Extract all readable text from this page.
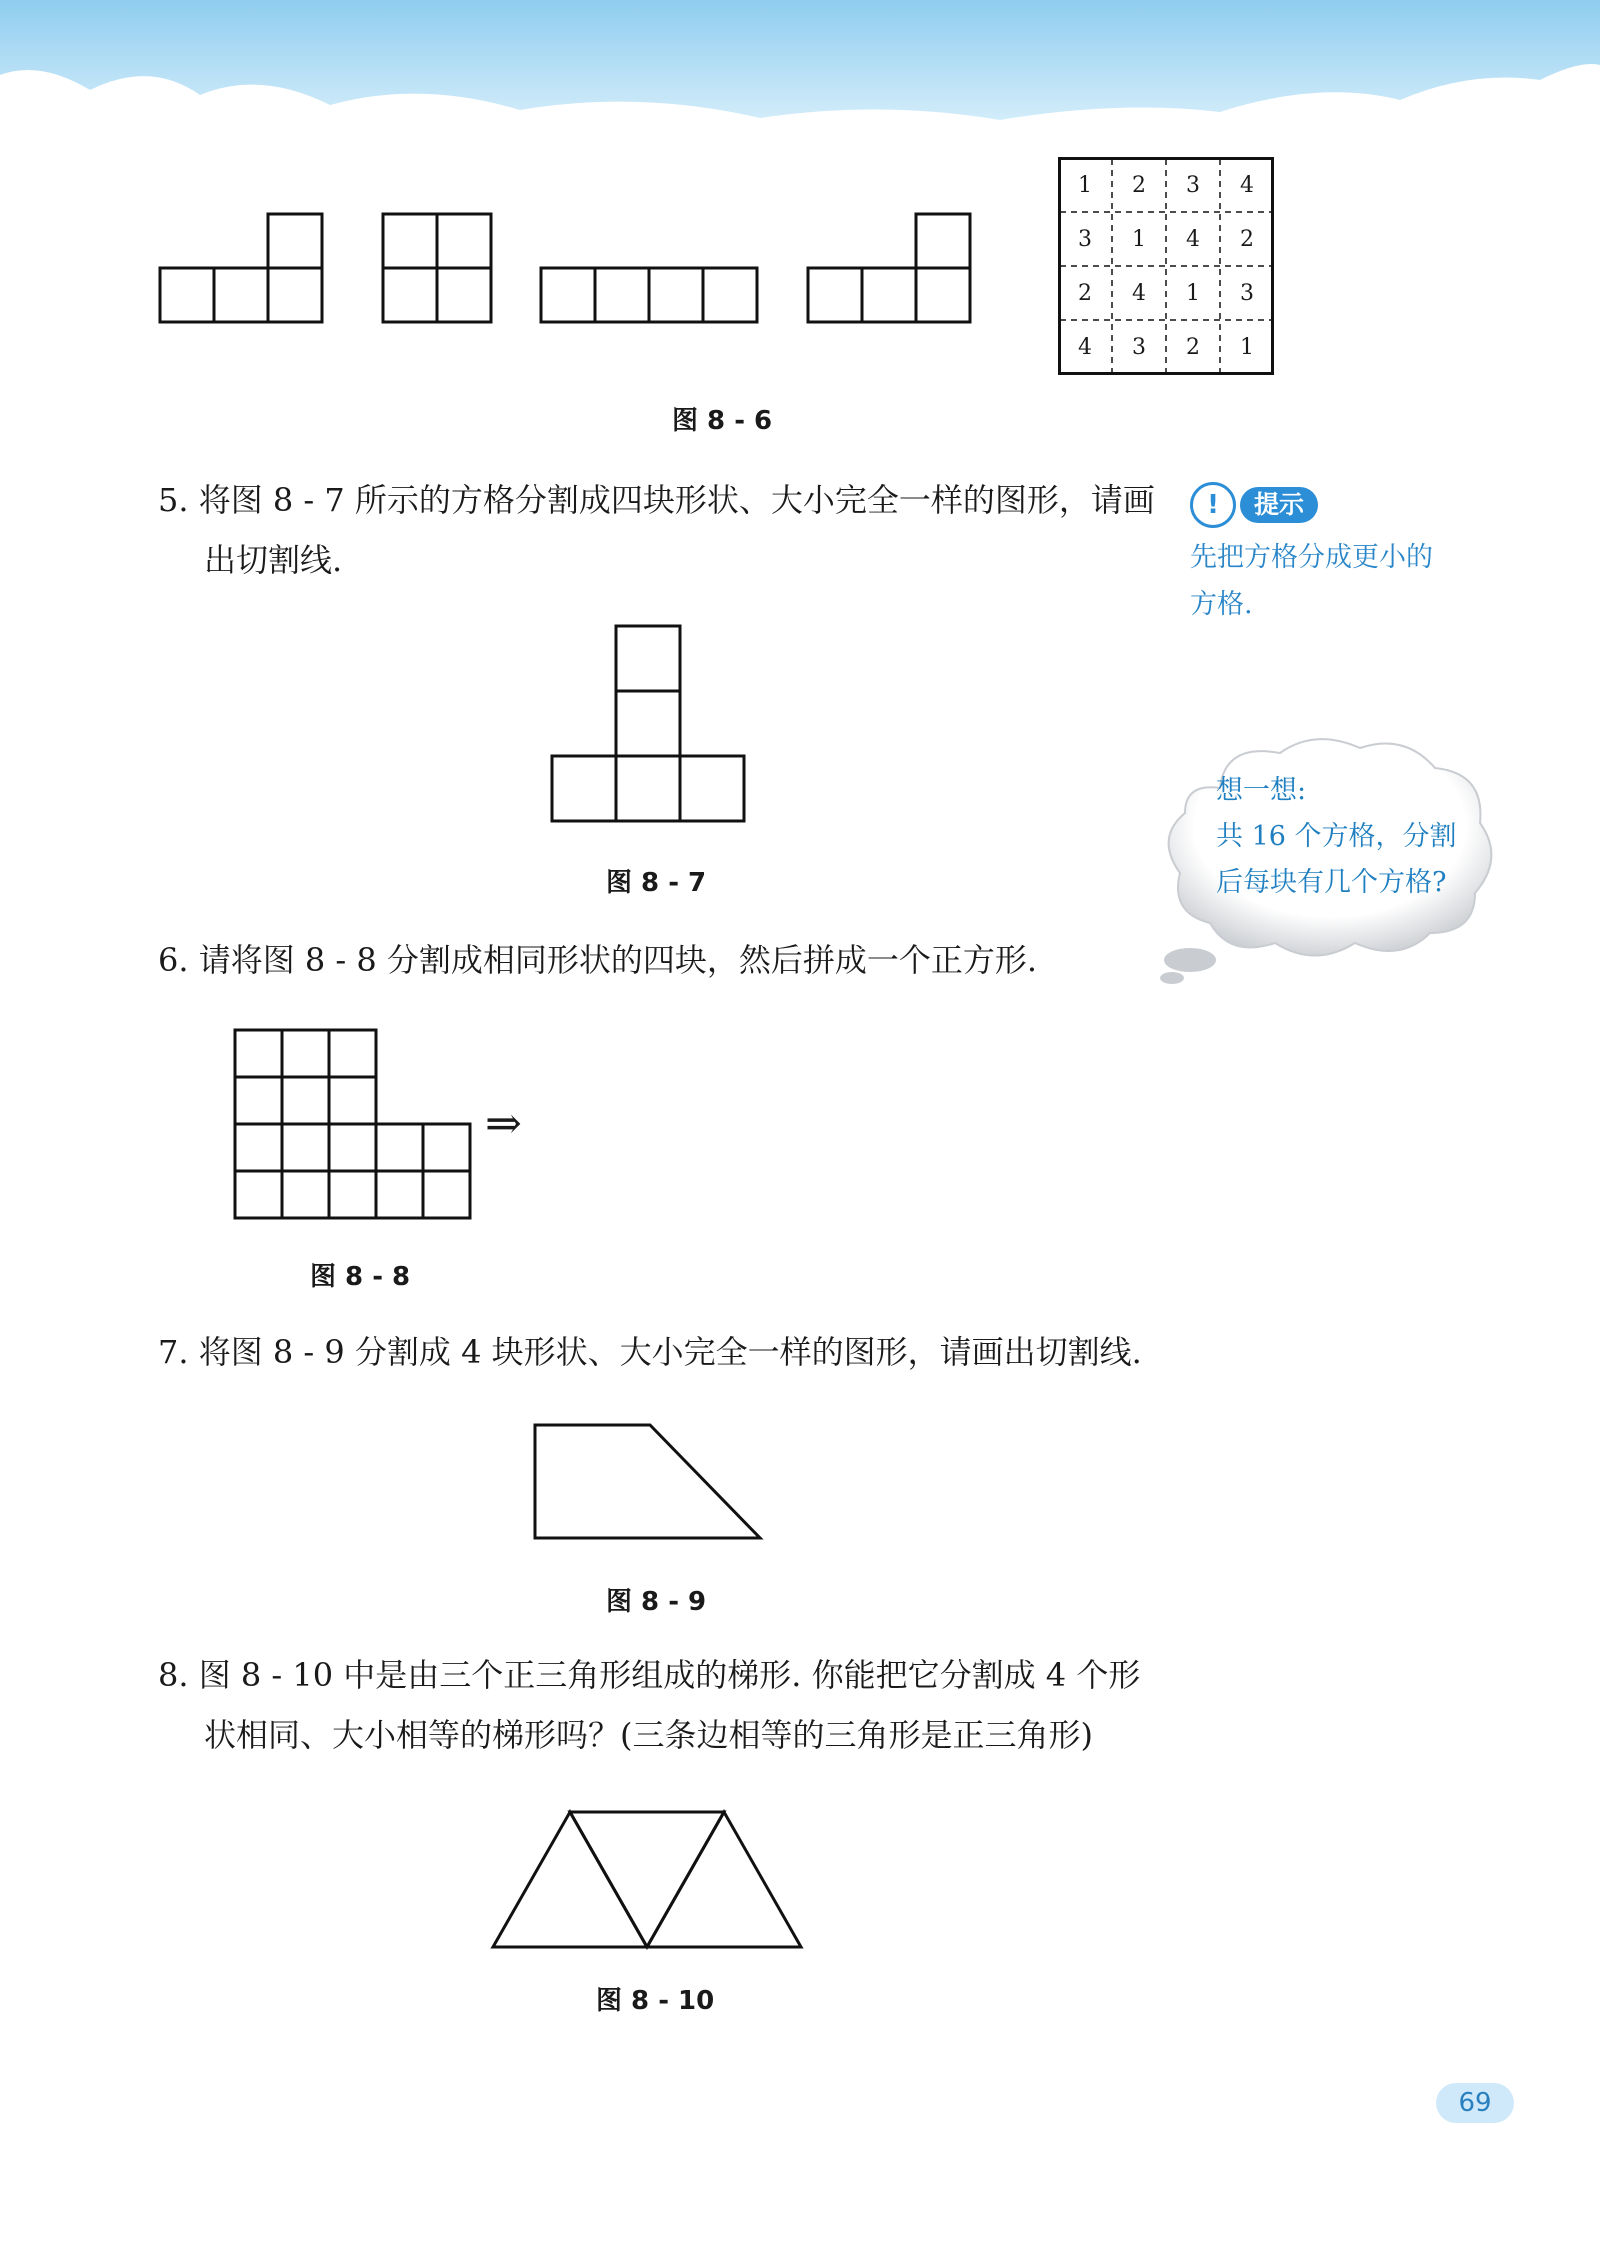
1	2	3	4
3	1	4	2
2	4	1	3
4	3	2	1
图 8 - 6
5. 将图 8 - 7 所示的方格分割成四块形状、大小完全一样的图形，请画
出切割线.
!	提示
先把方格分成更小的
方格.
图 8 - 7
想一想:
共 16 个方格，分割
后每块有几个方格?
6. 请将图 8 - 8 分割成相同形状的四块，然后拼成一个正方形.
⇒
图 8 - 8
7. 将图 8 - 9 分割成 4 块形状、大小完全一样的图形，请画出切割线.
图 8 - 9
8. 图 8 - 10 中是由三个正三角形组成的梯形. 你能把它分割成 4 个形
状相同、大小相等的梯形吗？(三条边相等的三角形是正三角形)
图 8 - 10
69
